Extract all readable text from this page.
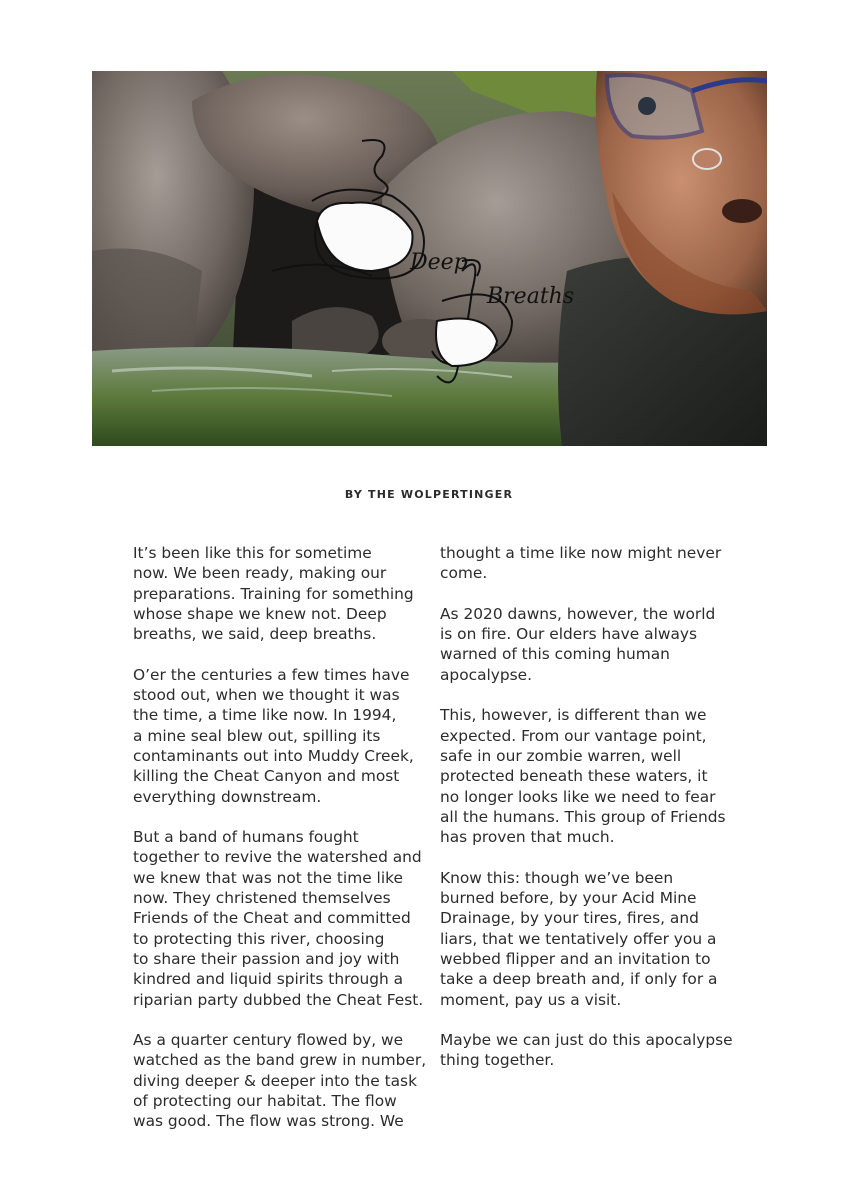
Deep
Breaths
BY THE WOLPERTINGER

It’s been like this for sometime
now. We been ready, making our
preparations. Training for something
whose shape we knew not. Deep
breaths, we said, deep breaths.

O’er the centuries a few times have
stood out, when we thought it was
the time, a time like now. In 1994,
a mine seal blew out, spilling its
contaminants out into Muddy Creek,
killing the Cheat Canyon and most
everything downstream.

But a band of humans fought
together to revive the watershed and
we knew that was not the time like
now. They christened themselves
Friends of the Cheat and committed
to protecting this river, choosing
to share their passion and joy with
kindred and liquid spirits through a
riparian party dubbed the Cheat Fest.

As a quarter century flowed by, we
watched as the band grew in number,
diving deeper & deeper into the task
of protecting our habitat. The flow
was good. The flow was strong. We

thought a time like now might never
come.

As 2020 dawns, however, the world
is on fire. Our elders have always
warned of this coming human
apocalypse.

This, however, is different than we
expected. From our vantage point,
safe in our zombie warren, well
protected beneath these waters, it
no longer looks like we need to fear
all the humans. This group of Friends
has proven that much.

Know this: though we’ve been
burned before, by your Acid Mine
Drainage, by your tires, fires, and
liars, that we tentatively offer you a
webbed flipper and an invitation to
take a deep breath and, if only for a
moment, pay us a visit.

Maybe we can just do this apocalypse
thing together.
